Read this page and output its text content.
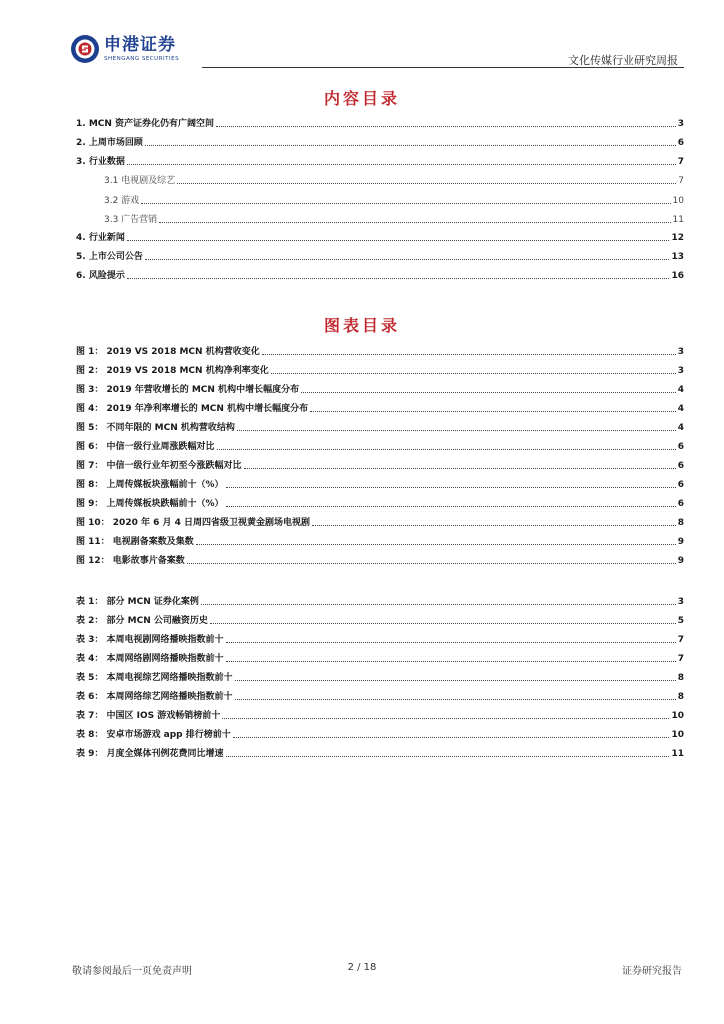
申港证券
SHENGANG SECURITIES	文化传媒行业研究周报
内容目录
1. MCN 资产证券化仍有广阔空间	3
2. 上周市场回顾	6
3. 行业数据	7
3.1 电视剧及综艺	7
3.2 游戏	10
3.3 广告营销	11
4. 行业新闻	12
5. 上市公司公告	13
6. 风险提示	16
图表目录
图 1： 2019 VS 2018 MCN 机构营收变化	3
图 2： 2019 VS 2018 MCN 机构净利率变化	3
图 3： 2019 年营收增长的 MCN 机构中增长幅度分布	4
图 4： 2019 年净利率增长的 MCN 机构中增长幅度分布	4
图 5： 不同年限的 MCN 机构营收结构	4
图 6： 中信一级行业周涨跌幅对比	6
图 7： 中信一级行业年初至今涨跌幅对比	6
图 8： 上周传媒板块涨幅前十（%）	6
图 9： 上周传媒板块跌幅前十（%）	6
图 10： 2020 年 6 月 4 日周四省级卫视黄金剧场电视剧	8
图 11： 电视剧备案数及集数	9
图 12： 电影故事片备案数	9
表 1： 部分 MCN 证券化案例	3
表 2： 部分 MCN 公司融资历史	5
表 3： 本周电视剧网络播映指数前十	7
表 4： 本周网络剧网络播映指数前十	7
表 5： 本周电视综艺网络播映指数前十	8
表 6： 本周网络综艺网络播映指数前十	8
表 7： 中国区 IOS 游戏畅销榜前十	10
表 8： 安卓市场游戏 app 排行榜前十	10
表 9： 月度全媒体刊例花费同比增速	11
敬请参阅最后一页免责声明	2 / 18	证券研究报告
